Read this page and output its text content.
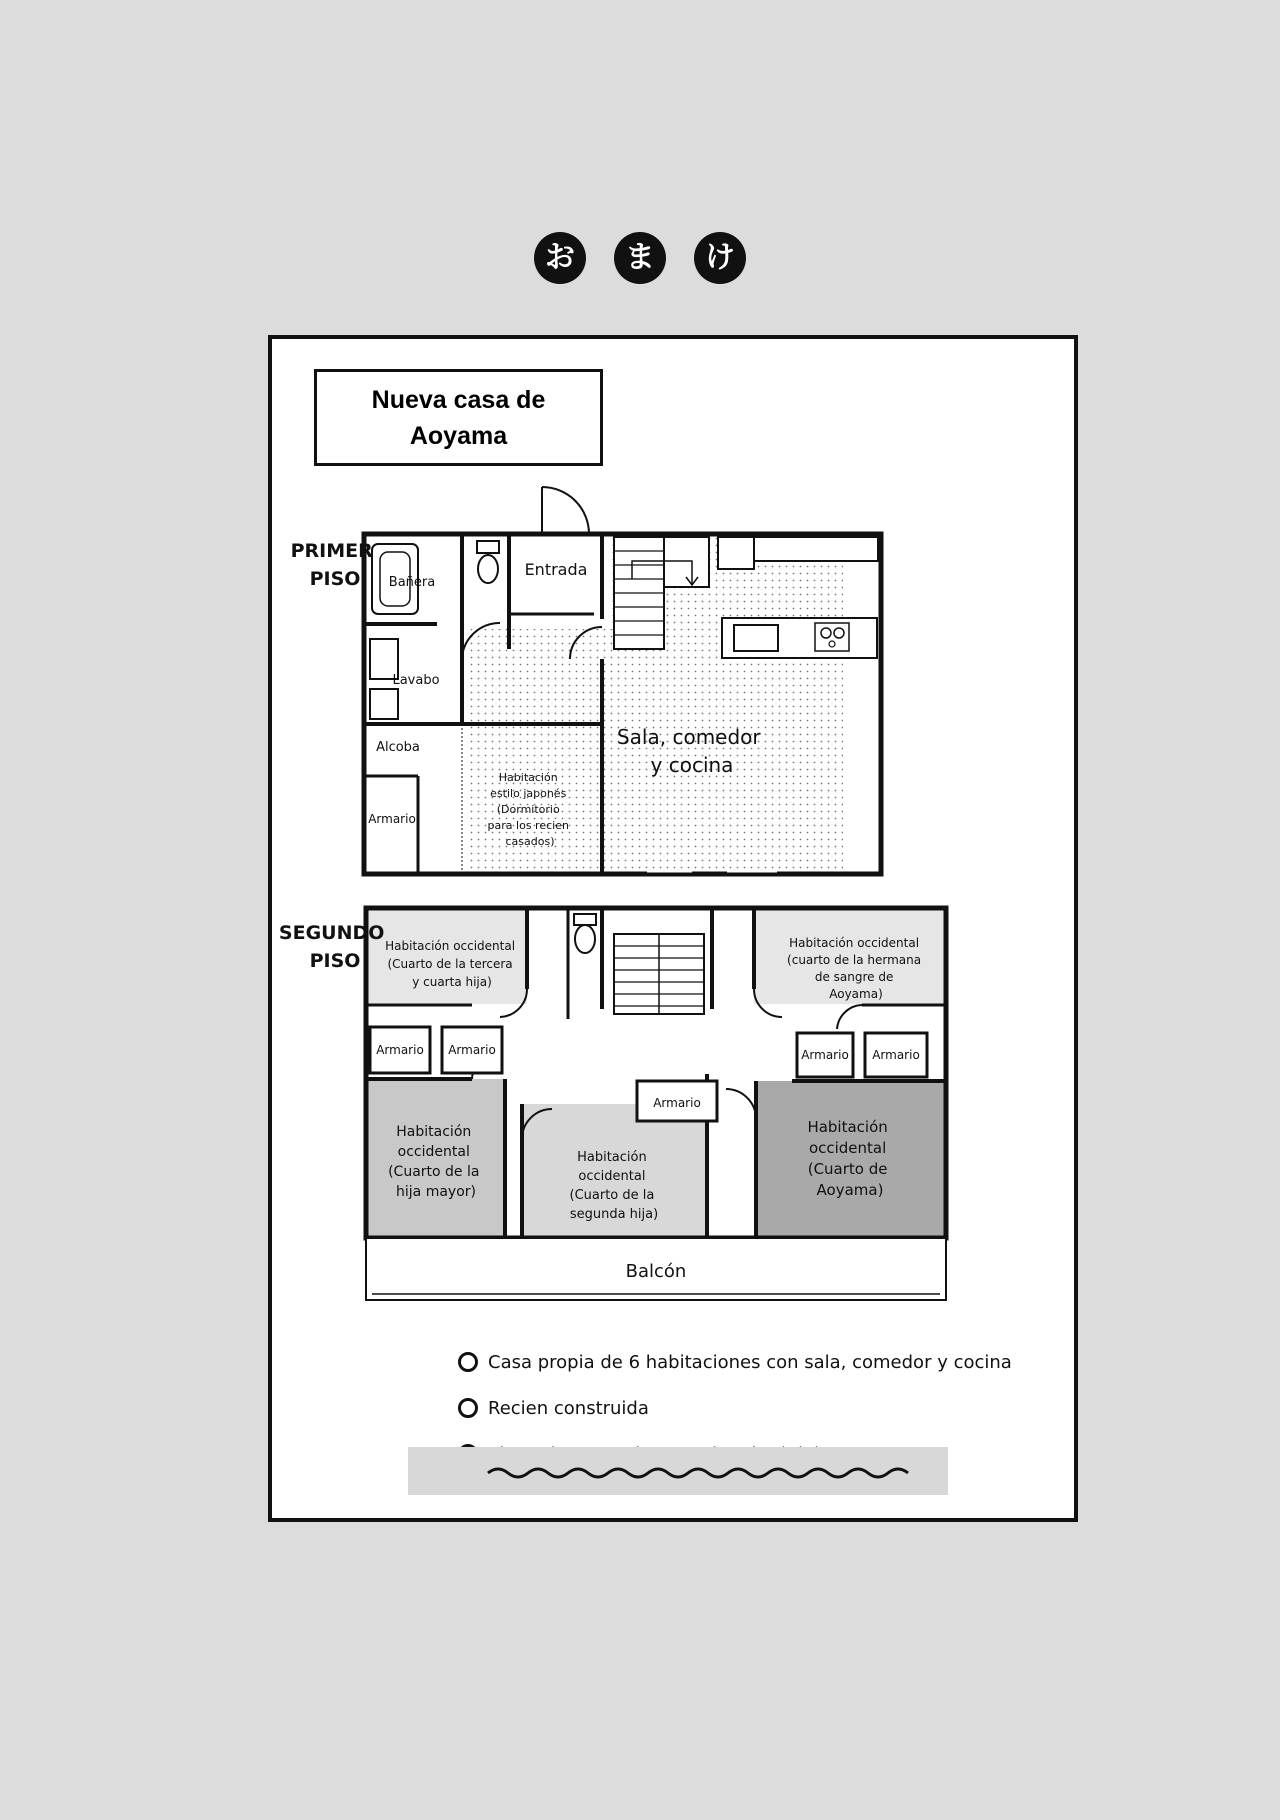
お	ま	け
Nueva casa de
Aoyama
PRIMER PISO	Bañera
Entrada
Lavabo
Alcoba
Armario
Sala, comedor y cocina
Habitación estilo japonés (Dormitorio para los recien casados)
SEGUNDO PISO
Habitación occidental (Cuarto de la tercera y cuarta hija)
Habitación occidental (cuarto de la hermana de sangre de Aoyama)
Armario Armario
Armario
Armario Armario
Habitación occidental (Cuarto de la hija mayor)
Habitación occidental (Cuarto de la segunda hija)
Habitación occidental (Cuarto de Aoyama)
Balcón
Casa propia de 6 habitaciones con sala, comedor y cocina
Recien construida
